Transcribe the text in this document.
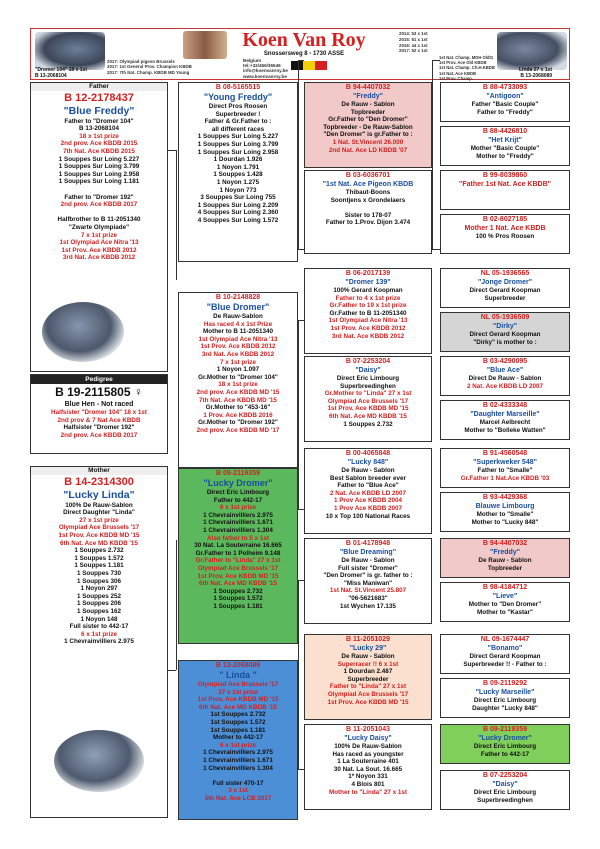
"Dromer 104" 18 x 1st
B 13-2068104
2017: Olympiad pigeon Brussels
2017: 1st General Prov. Champion KBDB
2017: 7th Nat. Champ. KBDB MD Young
Koen Van Roy
Snossersweg 8 - 1730 ASSE
Belgium
tel:+32/456/36546
info@koenvanroy.be
www.koenvanroy.be
2014: 53 x 1st
2015: 51 x 1st
2016: 44 x 1st
2017: 52 x 1st
1st Nat. Champ. MDH Oldt1
1st Prov. Ace Old KBDB
1st Nat. Champ. Ch.H.KBDB
1st Nat. Ace KBDB
1st Prov. Champ.
Linda 27 x 1st
B 13-2068089
Father
B 12-2178437
"Blue Freddy"
Father to "Dromer 104"
B 13-2068104
18 x 1st prize
2nd prov. Ace KBDB 2015
7th Nat. Ace KBDB 2015
1 Souppes Sur Loing 5.227
1 Souppes Sur Loing 3.799
1 Souppes Sur Loing 2.958
1 Souppes Sur Loing 1.181

Father to "Dromer 192"
2nd prov. Ace KBDB 2017

Halfbrother to B 11-2051340
"Zwarte Olympiade"
7 x 1st prize
1st Olympiad Ace Nitra '13
1st Prov. Ace KBDB 2012
3rd Nat. Ace KBDB 2012
Pedigree
B 19-2115805 ♀
Blue Hen - Not raced
Halfsister "Dromer 104" 18 x 1st
2nd prov & 7 Nat Ace KBDB
Halfsister "Dromer 192"
2nd prov. Ace KBDB 2017
Mother
B 14-2314300
"Lucky Linda"
100% De Rauw-Sablon
Direct Daughter "Linda"
27 x 1st prize
Olympiad Ace Brussels '17
1st Prov. Ace KBDB MD '15
6th Nat. Ace MD KBDB '15
1 Souppes 2.732
1 Souppes 1.572
1 Souppes 1.181
1 Souppes 730
1 Souppes 306
1 Noyon 297
1 Souppes 252
1 Souppes 206
1 Souppes 162
1 Noyon 148
Full sister to 442-17
6 x 1st prize
1 Chevrainvilliers 2.975
B 08-5165515
"Young Freddy"
Direct Pros Roosen
Superbreeder !
Father & Gr.Father to :
all different races
1 Souppes Sur Loing 5.227
1 Souppes Sur Loing 3.799
1 Souppes Sur Loing 2.958
1 Dourdan 1.926
1 Noyon 1.791
1 Souppes 1.428
1 Noyon 1.275
1 Noyon 773
3 Souppes Sur Loing 755
1 Souppes Sur Loing 2.209
4 Souppes Sur Loing 2.360
4 Souppes Sur Loing 1.572
B 10-2148828
"Blue Dromer"
De Rauw-Sablon
Has raced 4 x 1st Prize
Mother to B 11-2051340
1st Olympiad Ace Nitra '13
1st Prov. Ace KBDB 2012
3rd Nat. Ace KBDB 2012
7 x 1st prize
1 Noyon 1.097
Gr.Mother to "Dromer 104"
18 x 1st prize
2nd prov. Ace KBDB MD '15
7th Nat. Ace KBDB MD '15
Gr.Mother to "453-16"
1 Prov. Ace KBDB 2016
Gr.Mother to "Dromer 192"
2nd prov. Ace KBDB MD '17
B 09-2119359
"Lucky Dromer"
Direct Eric Limbourg
Father to 442-17
6 x 1st prize
1 Chevrainvilliers 2.975
1 Chevrainvilliers 1.671
1 Chevrainvilliers 1.304
Also father to 5 x 1st
30 Nat. La Souterraine 16.665
Gr.Father to 1 Polheim 9.148
Gr.Father to "Linda" 27 x 1st
Olympiad Ace Brussels '17
1st Prov. Ace KBDB MD '15
6th Nat. Ace MD KBDB '15
1 Souppes 2.732
1 Souppes 1.572
1 Souppes 1.181
B 13-2068089
" Linda "
Olympiad Ace Brussels '17
27 x 1st prize
1st Prov. Ace KBDB MD '15
6th Nat. Ace MD KBDB '15
1st Souppes 2.732
1st Souppes 1.572
1st Souppes 1.181
Mother to 442-17
6 x 1st prize
1 Chevrainvilliers 2.975
1 Chevrainvilliers 1.671
1 Chevrainvilliers 1.304

Full sister 470-17
3 x 1st
5th Nat. Ace LCB 2017
B 94-4407032
"Freddy"
De Rauw - Sablon
Topbreeder
Gr.Father to "Den Dromer"
Topbreeder - De Rauw-Sablon
"Den Dromer" is gr.Father to :
1 Nat. St.Vincent 26.000
2nd Nat. Ace LD KBDB '07
B 03-6036701
"1st Nat. Ace Pigeon KBDB
Thibaut-Boons
Soontjens x Grondelaers

Sister to 178-07
Father to 1.Prov. Dijon 3.474
B 06-2017139
"Dromer 139"
100% Gerard Koopman
Father to 4 x 1st prize
Gr.Father to 19 x 1st prize
Gr.Father to B 11-2051340
1st Olympiad Ace Nitra '13
1st Prov. Ace KBDB 2012
3rd Nat. Ace KBDB 2012
B 07-2253204
"Daisy"
Direct Eric Limbourg
Superbreedinghen
Gr.Mother to "Linda" 27 x 1st
Olympiad Ace Brussels '17
1st Prov. Ace KBDB MD '15
6th Nat. Ace MD KBDB '15
1 Souppes 2.732
B 00-4065848
"Lucky 848"
De Rauw - Sablon
Best Sablon breeder ever
Father to "Blue Ace"
2 Nat. Ace KBDB LD 2007
1 Prov Ace KBDB 2004
1 Prov Ace KBDB 2007
10 x Top 100 National Races
B 01-4178948
"Blue Dreaming"
De Rauw - Sablon
Full sister "Dromer"
"Den Dromer" is gr. father to :
"Miss Maniwan"
1st Nat. St.Vincent 25.807
"06-5621683"
1st Wychen 17.135
B 11-2051029
"Lucky 29"
De Rauw - Sablon
Superracer !! 6 x 1st
1 Dourdan 2.487
Superbreeder
Father to "Linda" 27 x 1st
Olympiad Ace Brussels '17
1st Prov. Ace KBDB MD '15
B 11-2051043
"Lucky Daisy"
100% De Rauw-Sablon
Has raced as youngster
1 La Souterraine 401
30 Nat. La Sout. 16.665
1* Noyon 331
4 Blois 801
Mother to "Linda" 27 x 1st
B 88-4733093
"Antigoon"
Father "Basic Couple"
Father to "Freddy"
B 88-4426810
"Het Krijt"
Mother "Basic Couple"
Mother to "Freddy"
B 99-8039860
"Father 1st Nat. Ace KBDB"
B 02-8027185
Mother 1 Nat. Ace KBDB
100 % Pros Roosen
NL 05-1936565
"Jonge Dromer"
Direct Gerard Koopman
Superbreeder
NL 05-1936509
"Dirky"
Direct Gerard Koopman
"Dirky" is mother to :
B 03-4290095
"Blue Ace"
Direct De Rauw - Sablon
2 Nat. Ace KBDB LD 2007
B 02-4333348
"Daughter Marseille"
Marcel Aelbrecht
Mother to "Bolleke Watten"
B 91-4560548
"Superkweker 548"
Father to "Smalle"
Gr.Father 1 Nat.Ace KBDB '03
B 93-4429368
Blauwe Limbourg
Mother to "Smalle"
Mother to "Lucky 848"
B 94-4407032
"Freddy"
De Rauw - Sablon
Topbreeder
B 98-4184712
"Lieve"
Mother to "Den Dromer"
Mother to "Kastar"
NL 09-1674447
"Bonamo"
Direct Gerard Koopman
Superbreeder !! - Father to :
B 09-2119292
"Lucky Marseille"
Direct Eric Limbourg
Daughter "Lucky 848"
B 09-2119359
"Lucky Dromer"
Direct Eric Limbourg
Father to 442-17
B 07-2253204
"Daisy"
Direct Eric Limbourg
Superbreedinghen
